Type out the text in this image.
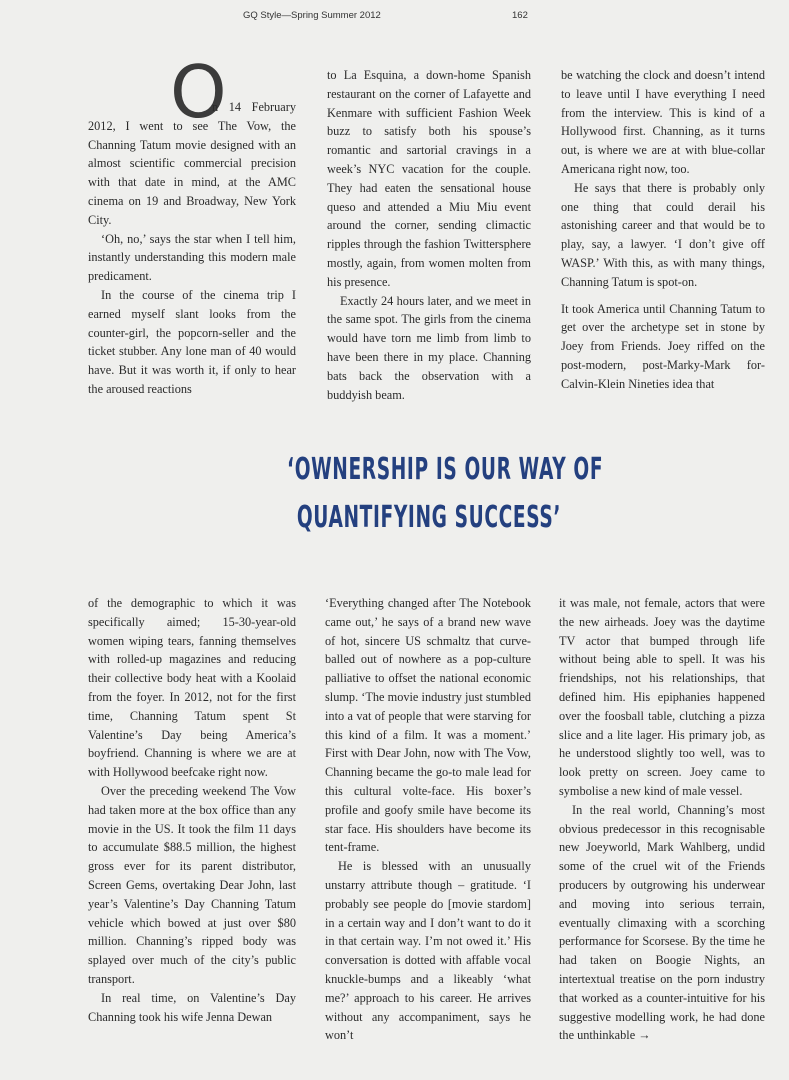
GQ Style—Spring Summer 2012	162
O

n 14 February 2012, I went to see The Vow, the Channing Tatum movie designed with an almost scientific commercial precision with that date in mind, at the AMC cinema on 19 and Broadway, New York City.

‘Oh, no,’ says the star when I tell him, instantly understanding this modern male predicament.

In the course of the cinema trip I earned myself slant looks from the counter-girl, the popcorn-seller and the ticket stubber. Any lone man of 40 would have. But it was worth it, if only to hear the aroused reactions

to La Esquina, a down-home Spanish restaurant on the corner of Lafayette and Kenmare with sufficient Fashion Week buzz to satisfy both his spouse’s romantic and sartorial cravings in a week’s NYC vacation for the couple. They had eaten the sensational house queso and attended a Miu Miu event around the corner, sending climactic ripples through the fashion Twittersphere mostly, again, from women molten from his presence.

Exactly 24 hours later, and we meet in the same spot. The girls from the cinema would have torn me limb from limb to have been there in my place. Channing bats back the observation with a buddyish beam.

be watching the clock and doesn’t intend to leave until I have everything I need from the interview. This is kind of a Hollywood first. Channing, as it turns out, is where we are at with blue-collar Americana right now, too.

He says that there is probably only one thing that could derail his astonishing career and that would be to play, say, a lawyer. ‘I don’t give off WASP.’ With this, as with many things, Channing Tatum is spot-on.

It took America until Channing Tatum to get over the archetype set in stone by Joey from Friends. Joey riffed on the post-modern, post-Marky-Mark for-Calvin-Klein Nineties idea that

‘OWNERSHIP IS OUR WAY OF
QUANTIFYING SUCCESS’

of the demographic to which it was specifically aimed; 15-30-year-old women wiping tears, fanning themselves with rolled-up magazines and reducing their collective body heat with a Koolaid from the foyer. In 2012, not for the first time, Channing Tatum spent St Valentine’s Day being America’s boyfriend. Channing is where we are at with Hollywood beefcake right now.

Over the preceding weekend The Vow had taken more at the box office than any movie in the US. It took the film 11 days to accumulate $88.5 million, the highest gross ever for its parent distributor, Screen Gems, overtaking Dear John, last year’s Valentine’s Day Channing Tatum vehicle which bowed at just over $80 million. Channing’s ripped body was splayed over much of the city’s public transport.

In real time, on Valentine’s Day Channing took his wife Jenna Dewan

‘Everything changed after The Notebook came out,’ he says of a brand new wave of hot, sincere US schmaltz that curve-balled out of nowhere as a pop-culture palliative to offset the national economic slump. ‘The movie industry just stumbled into a vat of people that were starving for this kind of a film. It was a moment.’ First with Dear John, now with The Vow, Channing became the go-to male lead for this cultural volte-face. His boxer’s profile and goofy smile have become its star face. His shoulders have become its tent-frame.

He is blessed with an unusually unstarry attribute though – gratitude. ‘I probably see people do [movie stardom] in a certain way and I don’t want to do it in that certain way. I’m not owed it.’ His conversation is dotted with affable vocal knuckle-bumps and a likeably ‘what me?’ approach to his career. He arrives without any accompaniment, says he won’t

it was male, not female, actors that were the new airheads. Joey was the daytime TV actor that bumped through life without being able to spell. It was his friendships, not his relationships, that defined him. His epiphanies happened over the foosball table, clutching a pizza slice and a lite lager. His primary job, as he understood slightly too well, was to look pretty on screen. Joey came to symbolise a new kind of male vessel.

In the real world, Channing’s most obvious predecessor in this recognisable new Joeyworld, Mark Wahlberg, undid some of the cruel wit of the Friends producers by outgrowing his underwear and moving into serious terrain, eventually climaxing with a scorching performance for Scorsese. By the time he had taken on Boogie Nights, an intertextual treatise on the porn industry that worked as a counter-intuitive for his suggestive modelling work, he had done the unthinkable →
